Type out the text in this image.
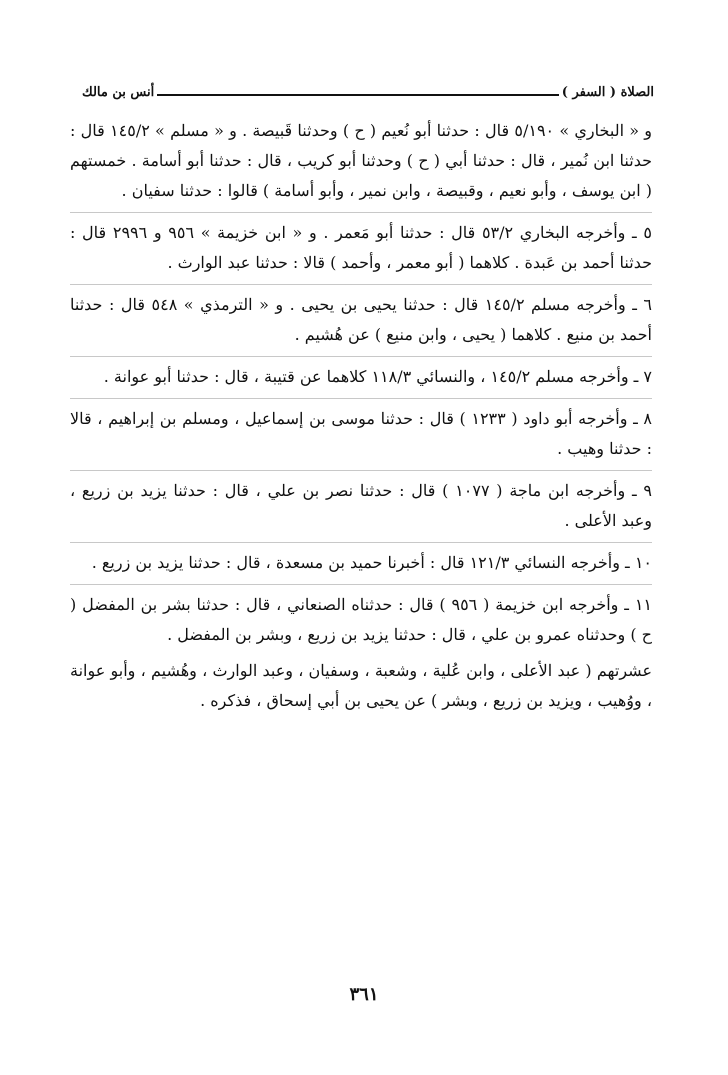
الصلاة ( السفر )
أنس بن مالك

و « البخاري » ٥/١٩٠ قال : حدثنا أبو نُعيم ( ح ) وحدثنا قَبيصة . و « مسلم » ١٤٥/٢ قال : حدثنا ابن نُمير ، قال : حدثنا أبي ( ح ) وحدثنا أبو كريب ، قال : حدثنا أبو أسامة . خمستهم ( ابن يوسف ، وأبو نعيم ، وقبيصة ، وابن نمير ، وأبو أسامة ) قالوا : حدثنا سفيان .

٥ ـ وأخرجه البخاري ٥٣/٢ قال : حدثنا أبو مَعمر . و « ابن خزيمة » ٩٥٦ و ٢٩٩٦ قال : حدثنا أحمد بن عَبدة . كلاهما ( أبو معمر ، وأحمد ) قالا : حدثنا عبد الوارث .

٦ ـ وأخرجه مسلم ١٤٥/٢ قال : حدثنا يحيى بن يحيى . و « الترمذي » ٥٤٨ قال : حدثنا أحمد بن منيع . كلاهما ( يحيى ، وابن منيع ) عن هُشيم .

٧ ـ وأخرجه مسلم ١٤٥/٢ ، والنسائي ١١٨/٣ كلاهما عن قتيبة ، قال : حدثنا أبو عوانة .

٨ ـ وأخرجه أبو داود ( ١٢٣٣ ) قال : حدثنا موسى بن إسماعيل ، ومسلم بن إبراهيم ، قالا : حدثنا وهيب .

٩ ـ وأخرجه ابن ماجة ( ١٠٧٧ ) قال : حدثنا نصر بن علي ، قال : حدثنا يزيد بن زريع ، وعبد الأعلى .

١٠ ـ وأخرجه النسائي ١٢١/٣ قال : أخبرنا حميد بن مسعدة ، قال : حدثنا يزيد بن زريع .

١١ ـ وأخرجه ابن خزيمة ( ٩٥٦ ) قال : حدثناه الصنعاني ، قال : حدثنا بشر بن المفضل ( ح ) وحدثناه عمرو بن علي ، قال : حدثنا يزيد بن زريع ، وبشر بن المفضل .

عشرتهم ( عبد الأعلى ، وابن عُلية ، وشعبة ، وسفيان ، وعبد الوارث ، وهُشيم ، وأبو عوانة ، ووُهيب ، ويزيد بن زريع ، وبشر ) عن يحيى بن أبي إسحاق ، فذكره .

٣٦١
